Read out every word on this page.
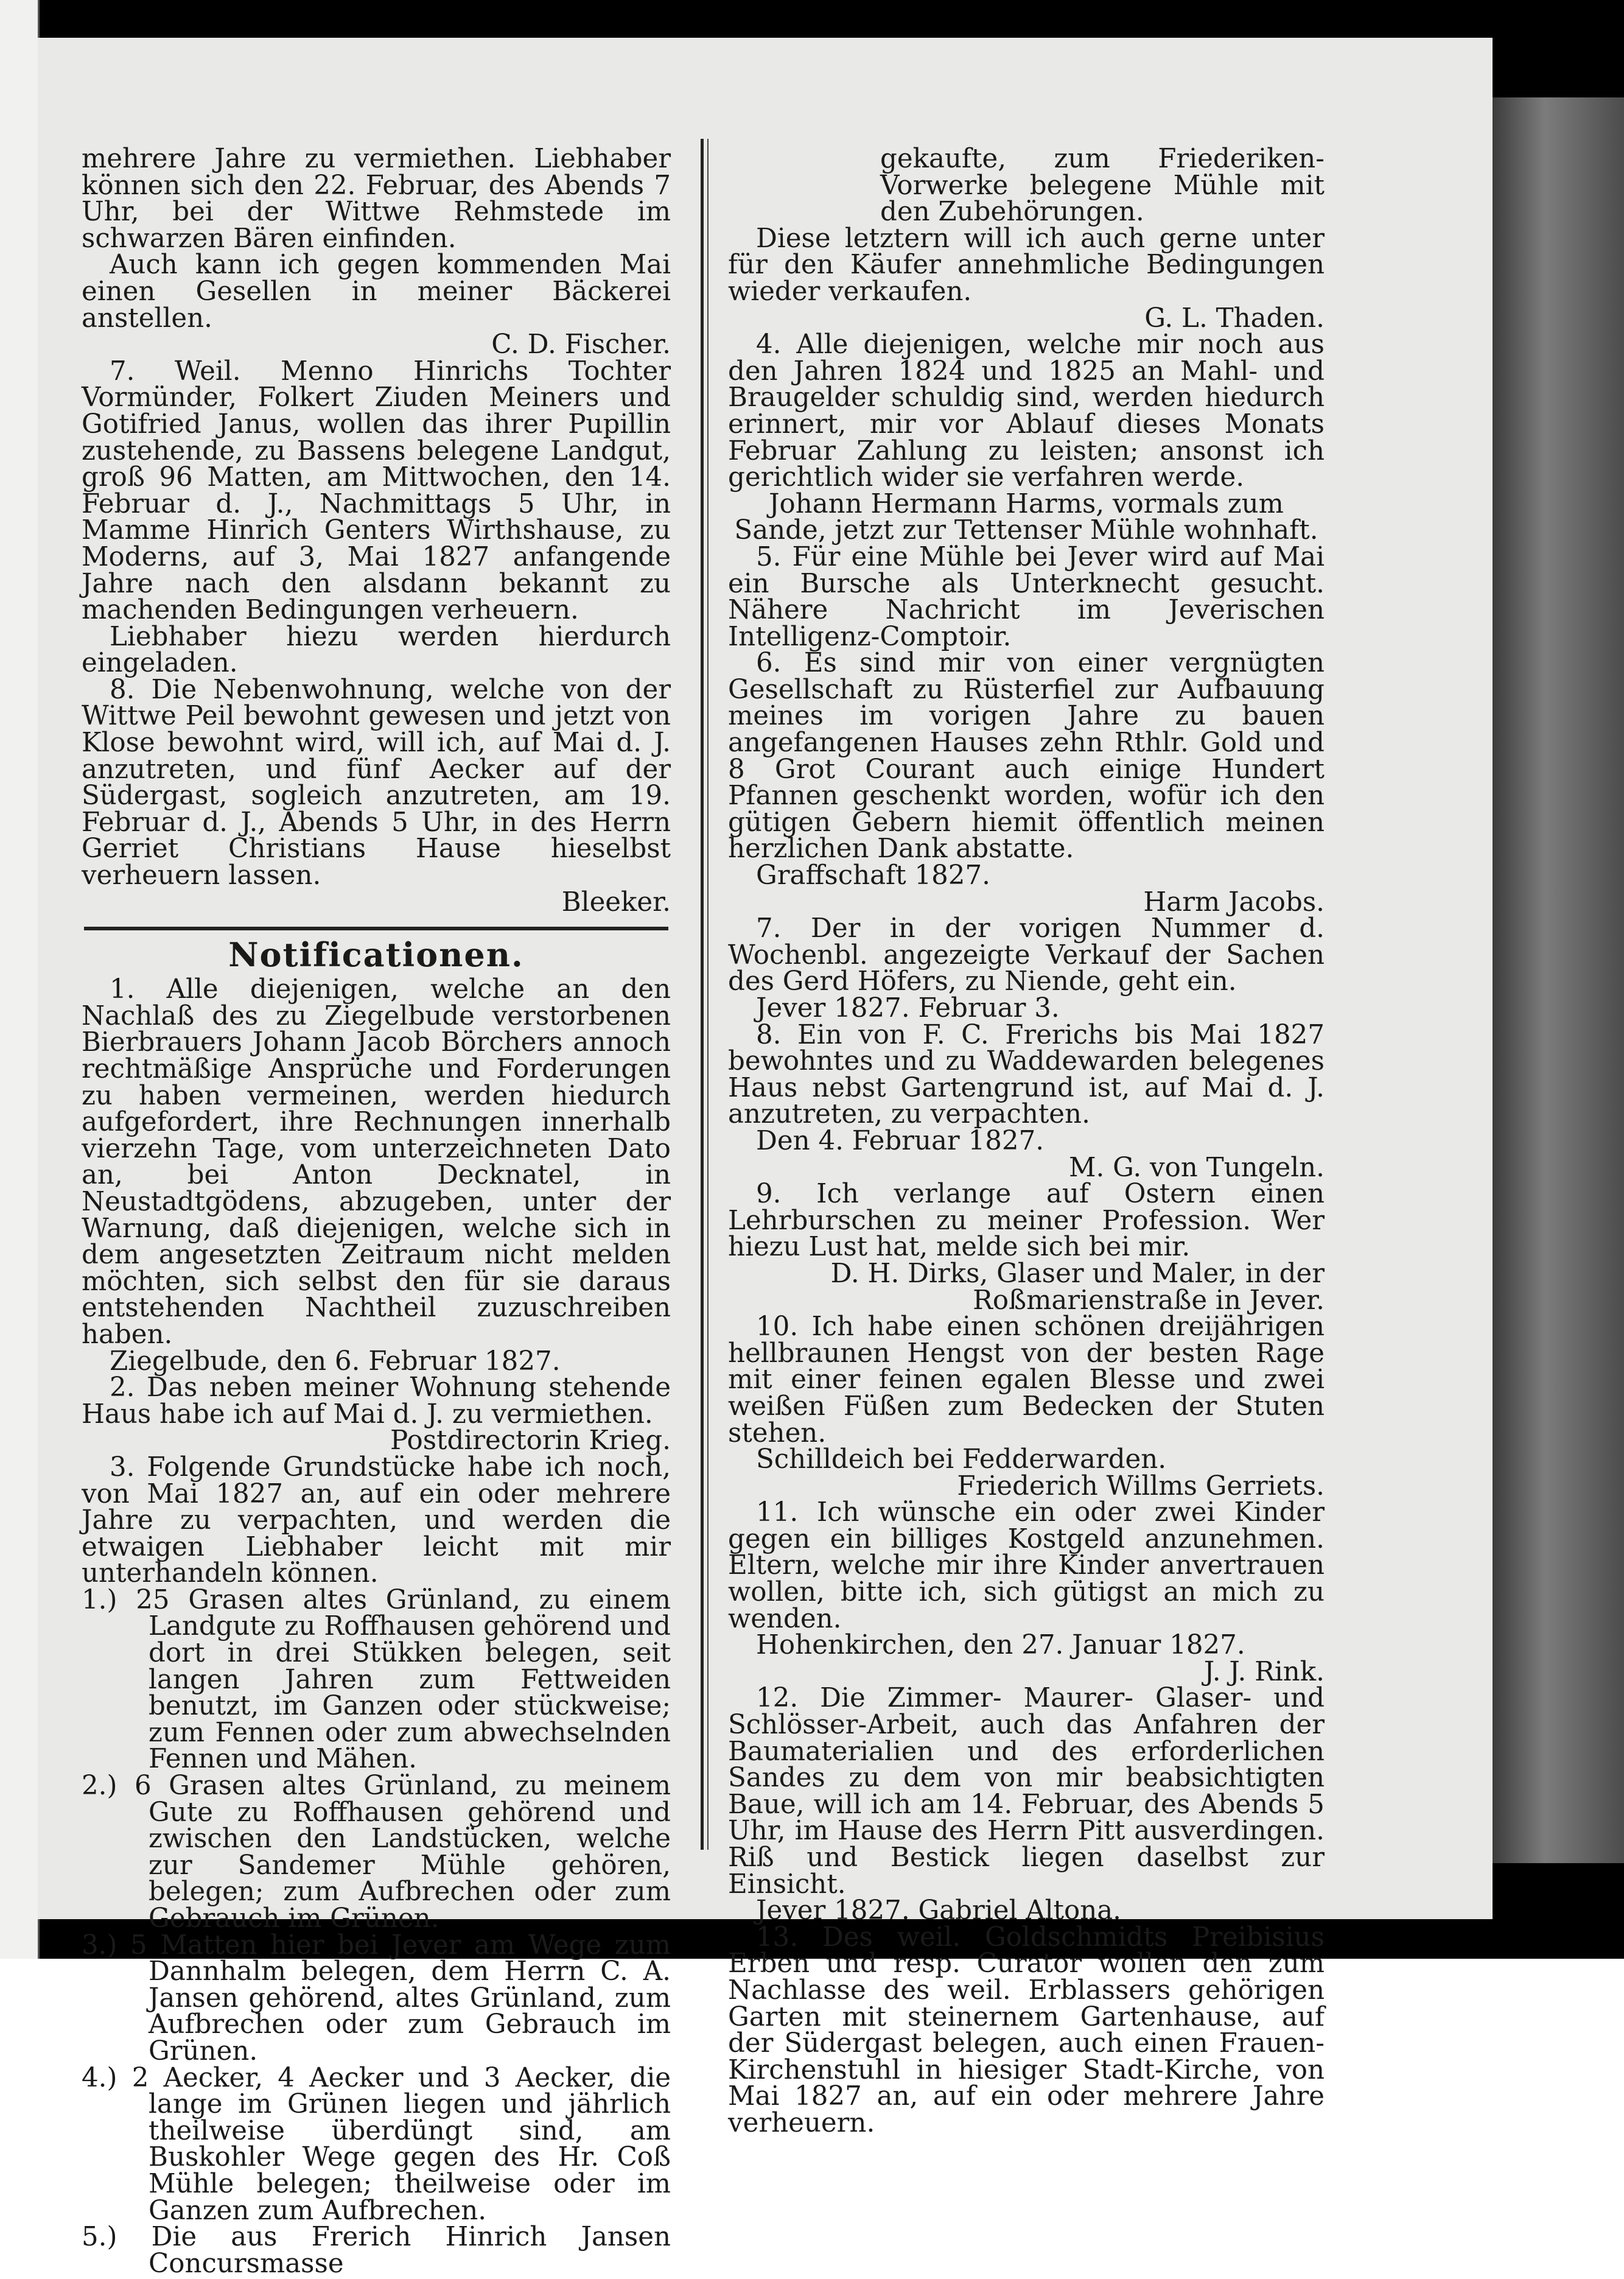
mehrere Jahre zu vermiethen. Liebhaber können sich den 22. Februar, des Abends 7 Uhr, bei der Wittwe Rehmstede im schwarzen Bären einfinden.

Auch kann ich gegen kommenden Mai einen Gesellen in meiner Bäckerei anstellen.

C. D. Fischer.

7. Weil. Menno Hinrichs Tochter Vormünder, Folkert Ziuden Meiners und Gotifried Janus, wollen das ihrer Pupillin zustehende, zu Bassens belegene Landgut, groß 96 Matten, am Mittwochen, den 14. Februar d. J., Nachmittags 5 Uhr, in Mamme Hinrich Genters Wirthshause, zu Moderns, auf 3, Mai 1827 anfangende Jahre nach den alsdann bekannt zu machenden Bedingungen verheuern.

Liebhaber hiezu werden hierdurch eingeladen.

8. Die Nebenwohnung, welche von der Wittwe Peil bewohnt gewesen und jetzt von Klose bewohnt wird, will ich, auf Mai d. J. anzutreten, und fünf Aecker auf der Südergast, sogleich anzutreten, am 19. Februar d. J., Abends 5 Uhr, in des Herrn Gerriet Christians Hause hieselbst verheuern lassen.

Bleeker.

Notificationen.

1. Alle diejenigen, welche an den Nachlaß des zu Ziegelbude verstorbenen Bierbrauers Johann Jacob Börchers annoch rechtmäßige Ansprüche und Forderungen zu haben vermeinen, werden hiedurch aufgefordert, ihre Rechnungen innerhalb vierzehn Tage, vom unterzeichneten Dato an, bei Anton Decknatel, in Neustadtgödens, abzugeben, unter der Warnung, daß diejenigen, welche sich in dem angesetzten Zeitraum nicht melden möchten, sich selbst den für sie daraus entstehenden Nachtheil zuzuschreiben haben.

Ziegelbude, den 6. Februar 1827.

2. Das neben meiner Wohnung stehende Haus habe ich auf Mai d. J. zu vermiethen.

Postdirectorin Krieg.

3. Folgende Grundstücke habe ich noch, von Mai 1827 an, auf ein oder mehrere Jahre zu verpachten, und werden die etwaigen Liebhaber leicht mit mir unterhandeln können.

1.) 25 Grasen altes Grünland, zu einem Landgute zu Roffhausen gehörend und dort in drei Stükken belegen, seit langen Jahren zum Fettweiden benutzt, im Ganzen oder stückweise; zum Fennen oder zum abwechselnden Fennen und Mähen.

2.) 6 Grasen altes Grünland, zu meinem Gute zu Roffhausen gehörend und zwischen den Landstücken, welche zur Sandemer Mühle gehören, belegen; zum Aufbrechen oder zum Gebrauch im Grünen.

3.) 5 Matten hier bei Jever am Wege zum Dannhalm belegen, dem Herrn C. A. Jansen gehörend, altes Grünland, zum Aufbrechen oder zum Gebrauch im Grünen.

4.) 2 Aecker, 4 Aecker und 3 Aecker, die lange im Grünen liegen und jährlich theilweise überdüngt sind, am Buskohler Wege gegen des Hr. Coß Mühle belegen; theilweise oder im Ganzen zum Aufbrechen.

5.) Die aus Frerich Hinrich Jansen Concursmasse

gekaufte, zum Friederiken-Vorwerke belegene Mühle mit den Zubehörungen.

Diese letztern will ich auch gerne unter für den Käufer annehmliche Bedingungen wieder verkaufen.

G. L. Thaden.

4. Alle diejenigen, welche mir noch aus den Jahren 1824 und 1825 an Mahl- und Braugelder schuldig sind, werden hiedurch erinnert, mir vor Ablauf dieses Monats Februar Zahlung zu leisten; ansonst ich gerichtlich wider sie verfahren werde.

Johann Hermann Harms, vormals zum Sande, jetzt zur Tettenser Mühle wohnhaft.

5. Für eine Mühle bei Jever wird auf Mai ein Bursche als Unterknecht gesucht. Nähere Nachricht im Jeverischen Intelligenz-Comptoir.

6. Es sind mir von einer vergnügten Gesellschaft zu Rüsterfiel zur Aufbauung meines im vorigen Jahre zu bauen angefangenen Hauses zehn Rthlr. Gold und 8 Grot Courant auch einige Hundert Pfannen geschenkt worden, wofür ich den gütigen Gebern hiemit öffentlich meinen herzlichen Dank abstatte.

Graffschaft 1827.

Harm Jacobs.

7. Der in der vorigen Nummer d. Wochenbl. angezeigte Verkauf der Sachen des Gerd Höfers, zu Niende, geht ein.

Jever 1827. Februar 3.

8. Ein von F. C. Frerichs bis Mai 1827 bewohntes und zu Waddewarden belegenes Haus nebst Gartengrund ist, auf Mai d. J. anzutreten, zu verpachten.

Den 4. Februar 1827.

M. G. von Tungeln.

9. Ich verlange auf Ostern einen Lehrburschen zu meiner Profession. Wer hiezu Lust hat, melde sich bei mir.

D. H. Dirks, Glaser und Maler, in der Roßmarienstraße in Jever.

10. Ich habe einen schönen dreijährigen hellbraunen Hengst von der besten Rage mit einer feinen egalen Blesse und zwei weißen Füßen zum Bedecken der Stuten stehen.

Schilldeich bei Fedderwarden.

Friederich Willms Gerriets.

11. Ich wünsche ein oder zwei Kinder gegen ein billiges Kostgeld anzunehmen. Eltern, welche mir ihre Kinder anvertrauen wollen, bitte ich, sich gütigst an mich zu wenden.

Hohenkirchen, den 27. Januar 1827.

J. J. Rink.

12. Die Zimmer- Maurer- Glaser- und Schlösser-Arbeit, auch das Anfahren der Baumaterialien und des erforderlichen Sandes zu dem von mir beabsichtigten Baue, will ich am 14. Februar, des Abends 5 Uhr, im Hause des Herrn Pitt ausverdingen. Riß und Bestick liegen daselbst zur Einsicht.

Jever 1827. Gabriel Altona.

13. Des weil. Goldschmidts Preibisius Erben und resp. Curator wollen den zum Nachlasse des weil. Erblassers gehörigen Garten mit steinernem Gartenhause, auf der Südergast belegen, auch einen Frauen-Kirchenstuhl in hiesiger Stadt-Kirche, von Mai 1827 an, auf ein oder mehrere Jahre verheuern.
